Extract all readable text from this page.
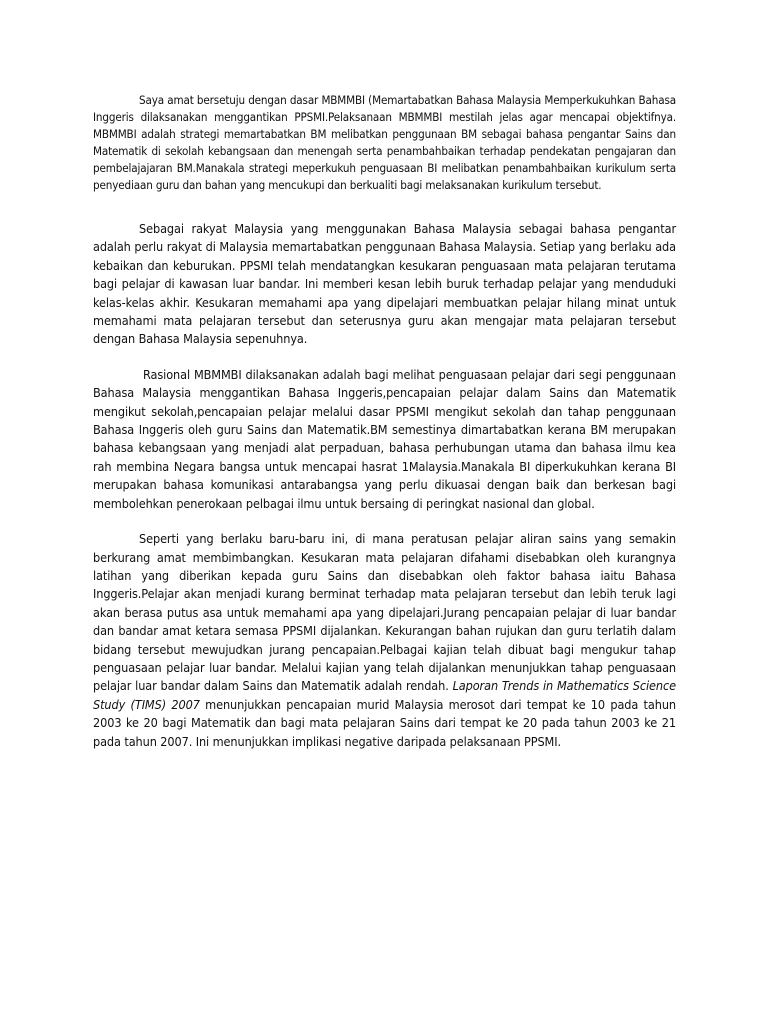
Saya amat bersetuju dengan dasar MBMMBI (Memartabatkan Bahasa Malaysia Memperkukuhkan Bahasa Inggeris dilaksanakan menggantikan PPSMI.Pelaksanaan MBMMBI mestilah jelas agar mencapai objektifnya. MBMMBI adalah strategi memartabatkan BM melibatkan penggunaan BM sebagai bahasa pengantar Sains dan Matematik di sekolah kebangsaan dan menengah serta penambahbaikan terhadap pendekatan pengajaran dan pembelajajaran BM.Manakala strategi meperkukuh penguasaan BI melibatkan penambahbaikan kurikulum serta penyediaan guru dan bahan yang mencukupi dan berkualiti bagi melaksanakan kurikulum tersebut.

Sebagai rakyat Malaysia yang menggunakan Bahasa Malaysia sebagai bahasa pengantar adalah perlu rakyat di Malaysia memartabatkan penggunaan Bahasa Malaysia. Setiap yang berlaku ada kebaikan dan keburukan. PPSMI telah mendatangkan kesukaran penguasaan mata pelajaran terutama bagi pelajar di kawasan luar bandar. Ini memberi kesan lebih buruk terhadap pelajar yang menduduki kelas-kelas akhir. Kesukaran memahami apa yang dipelajari membuatkan pelajar hilang minat untuk memahami mata pelajaran tersebut dan seterusnya guru akan mengajar mata pelajaran tersebut dengan Bahasa Malaysia sepenuhnya.

Rasional MBMMBI dilaksanakan adalah bagi melihat penguasaan pelajar dari segi penggunaan Bahasa Malaysia menggantikan Bahasa Inggeris,pencapaian pelajar dalam Sains dan Matematik mengikut sekolah,pencapaian pelajar melalui dasar PPSMI mengikut sekolah dan tahap penggunaan Bahasa Inggeris oleh guru Sains dan Matematik.BM semestinya dimartabatkan kerana BM merupakan bahasa kebangsaan yang menjadi alat perpaduan, bahasa perhubungan utama dan bahasa ilmu kea rah membina Negara bangsa untuk mencapai hasrat 1Malaysia.Manakala BI diperkukuhkan kerana BI merupakan bahasa komunikasi antarabangsa yang perlu dikuasai dengan baik dan berkesan bagi membolehkan penerokaan pelbagai ilmu untuk bersaing di peringkat nasional dan global.

Seperti yang berlaku baru-baru ini, di mana peratusan pelajar aliran sains yang semakin berkurang amat membimbangkan. Kesukaran mata pelajaran difahami disebabkan oleh kurangnya latihan yang diberikan kepada guru Sains dan disebabkan oleh faktor bahasa iaitu Bahasa Inggeris.Pelajar akan menjadi kurang berminat terhadap mata pelajaran tersebut dan lebih teruk lagi akan berasa putus asa untuk memahami apa yang dipelajari.Jurang pencapaian pelajar di luar bandar dan bandar amat ketara semasa PPSMI dijalankan. Kekurangan bahan rujukan dan guru terlatih dalam bidang tersebut mewujudkan jurang pencapaian.Pelbagai kajian telah dibuat bagi mengukur tahap penguasaan pelajar luar bandar. Melalui kajian yang telah dijalankan menunjukkan tahap penguasaan pelajar luar bandar dalam Sains dan Matematik adalah rendah. Laporan Trends in Mathematics Science Study (TIMS) 2007 menunjukkan pencapaian murid Malaysia merosot dari tempat ke 10 pada tahun 2003 ke 20 bagi Matematik dan bagi mata pelajaran Sains dari tempat ke 20 pada tahun 2003 ke 21 pada tahun 2007. Ini menunjukkan implikasi negative daripada pelaksanaan PPSMI.
